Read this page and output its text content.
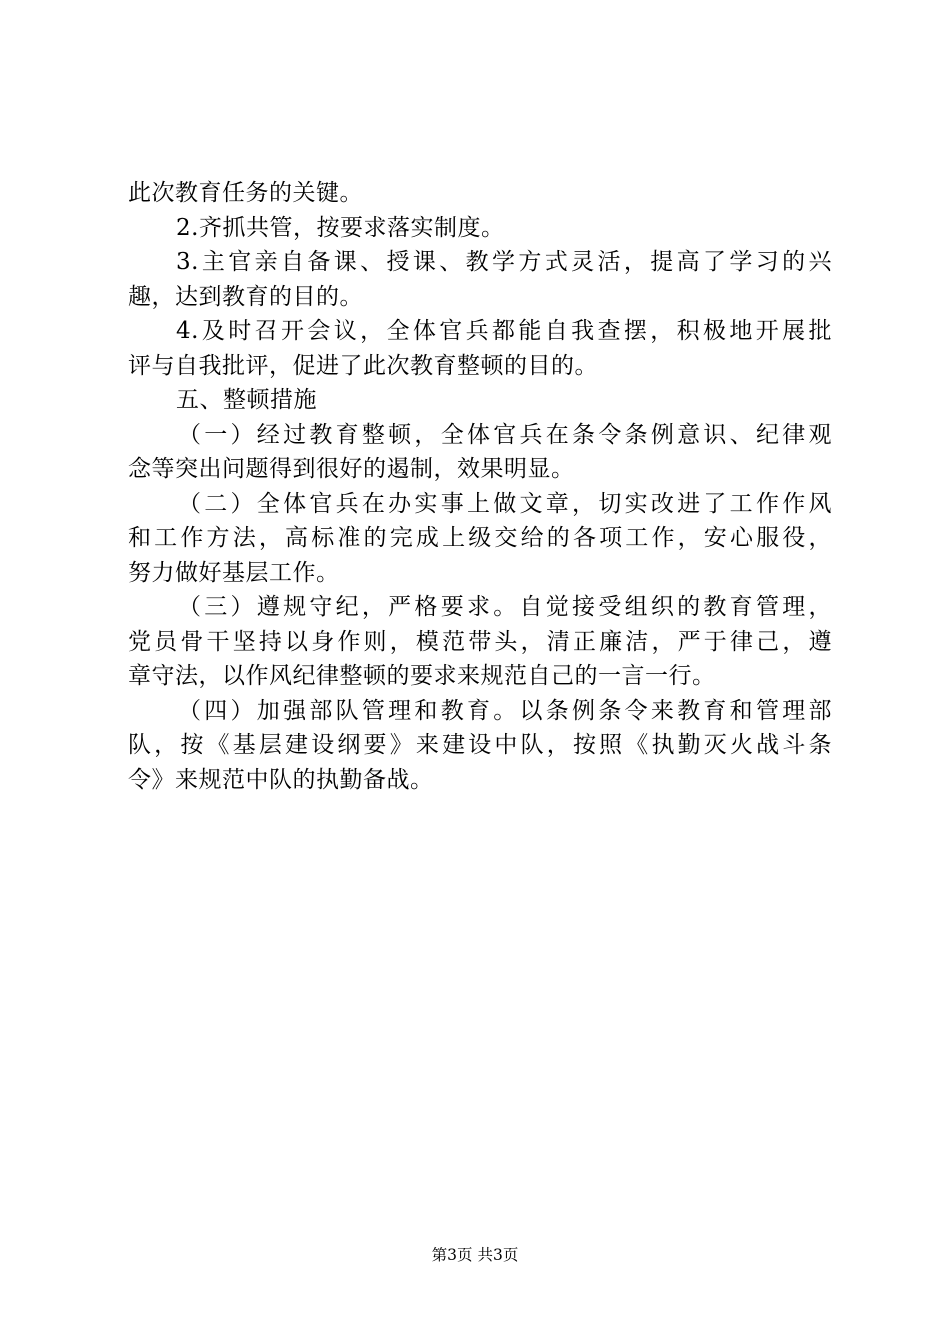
此次教育任务的关键。
2.齐抓共管，按要求落实制度。
3.主官亲自备课、授课、教学方式灵活，提高了学习的兴
趣，达到教育的目的。
4.及时召开会议，全体官兵都能自我查摆，积极地开展批
评与自我批评，促进了此次教育整顿的目的。
五、整顿措施
（一）经过教育整顿，全体官兵在条令条例意识、纪律观
念等突出问题得到很好的遏制，效果明显。
（二）全体官兵在办实事上做文章，切实改进了工作作风
和工作方法，高标准的完成上级交给的各项工作，安心服役，
努力做好基层工作。
（三）遵规守纪，严格要求。自觉接受组织的教育管理，
党员骨干坚持以身作则，模范带头，清正廉洁，严于律己，遵
章守法，以作风纪律整顿的要求来规范自己的一言一行。
（四）加强部队管理和教育。以条例条令来教育和管理部
队，按《基层建设纲要》来建设中队，按照《执勤灭火战斗条
令》来规范中队的执勤备战。
第3页 共3页
